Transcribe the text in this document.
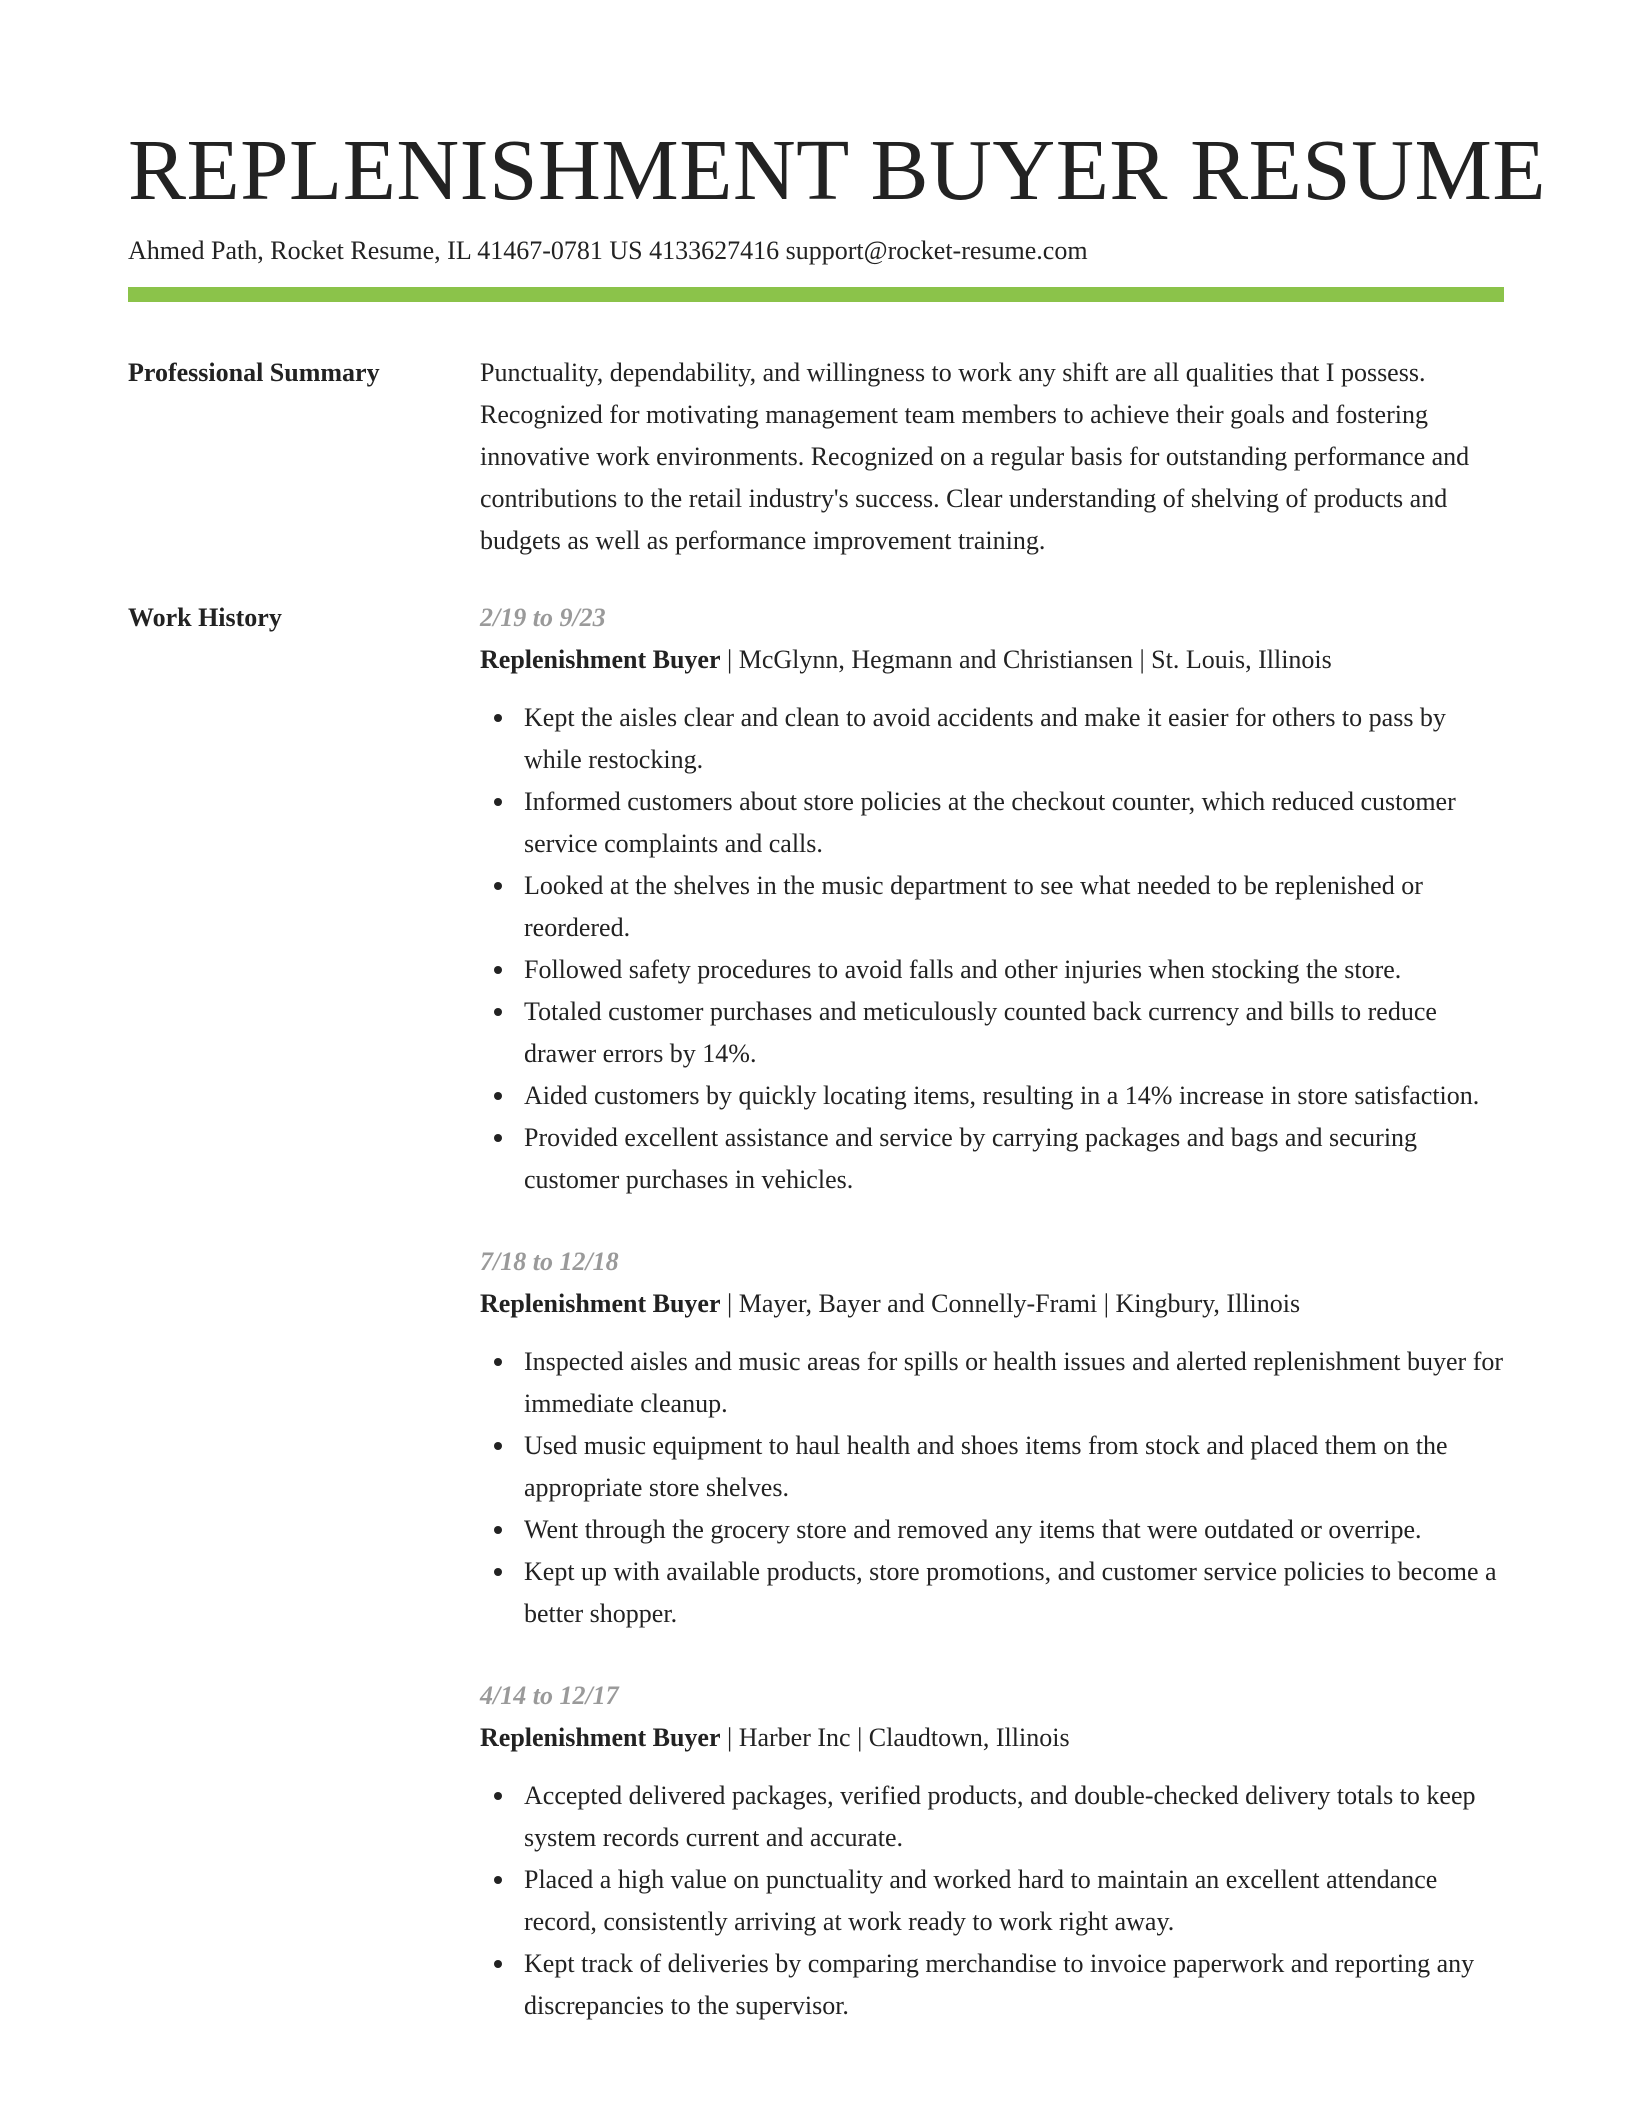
REPLENISHMENT BUYER RESUME
Ahmed Path, Rocket Resume, IL 41467-0781 US 4133627416 support@rocket-resume.com
Professional Summary	Punctuality, dependability, and willingness to work any shift are all qualities that I possess. Recognized for motivating management team members to achieve their goals and fostering innovative work environments. Recognized on a regular basis for outstanding performance and contributions to the retail industry's success. Clear understanding of shelving of products and budgets as well as performance improvement training.

Work History	2/19 to 9/23
Replenishment Buyer | McGlynn, Hegmann and Christiansen | St. Louis, Illinois
Kept the aisles clear and clean to avoid accidents and make it easier for others to pass by while restocking.
Informed customers about store policies at the checkout counter, which reduced customer service complaints and calls.
Looked at the shelves in the music department to see what needed to be replenished or reordered.
Followed safety procedures to avoid falls and other injuries when stocking the store.
Totaled customer purchases and meticulously counted back currency and bills to reduce drawer errors by 14%.
Aided customers by quickly locating items, resulting in a 14% increase in store satisfaction.
Provided excellent assistance and service by carrying packages and bags and securing customer purchases in vehicles.
7/18 to 12/18
Replenishment Buyer | Mayer, Bayer and Connelly-Frami | Kingbury, Illinois
Inspected aisles and music areas for spills or health issues and alerted replenishment buyer for immediate cleanup.
Used music equipment to haul health and shoes items from stock and placed them on the appropriate store shelves.
Went through the grocery store and removed any items that were outdated or overripe.
Kept up with available products, store promotions, and customer service policies to become a better shopper.
4/14 to 12/17
Replenishment Buyer | Harber Inc | Claudtown, Illinois
Accepted delivered packages, verified products, and double-checked delivery totals to keep system records current and accurate.
Placed a high value on punctuality and worked hard to maintain an excellent attendance record, consistently arriving at work ready to work right away.
Kept track of deliveries by comparing merchandise to invoice paperwork and reporting any discrepancies to the supervisor.
